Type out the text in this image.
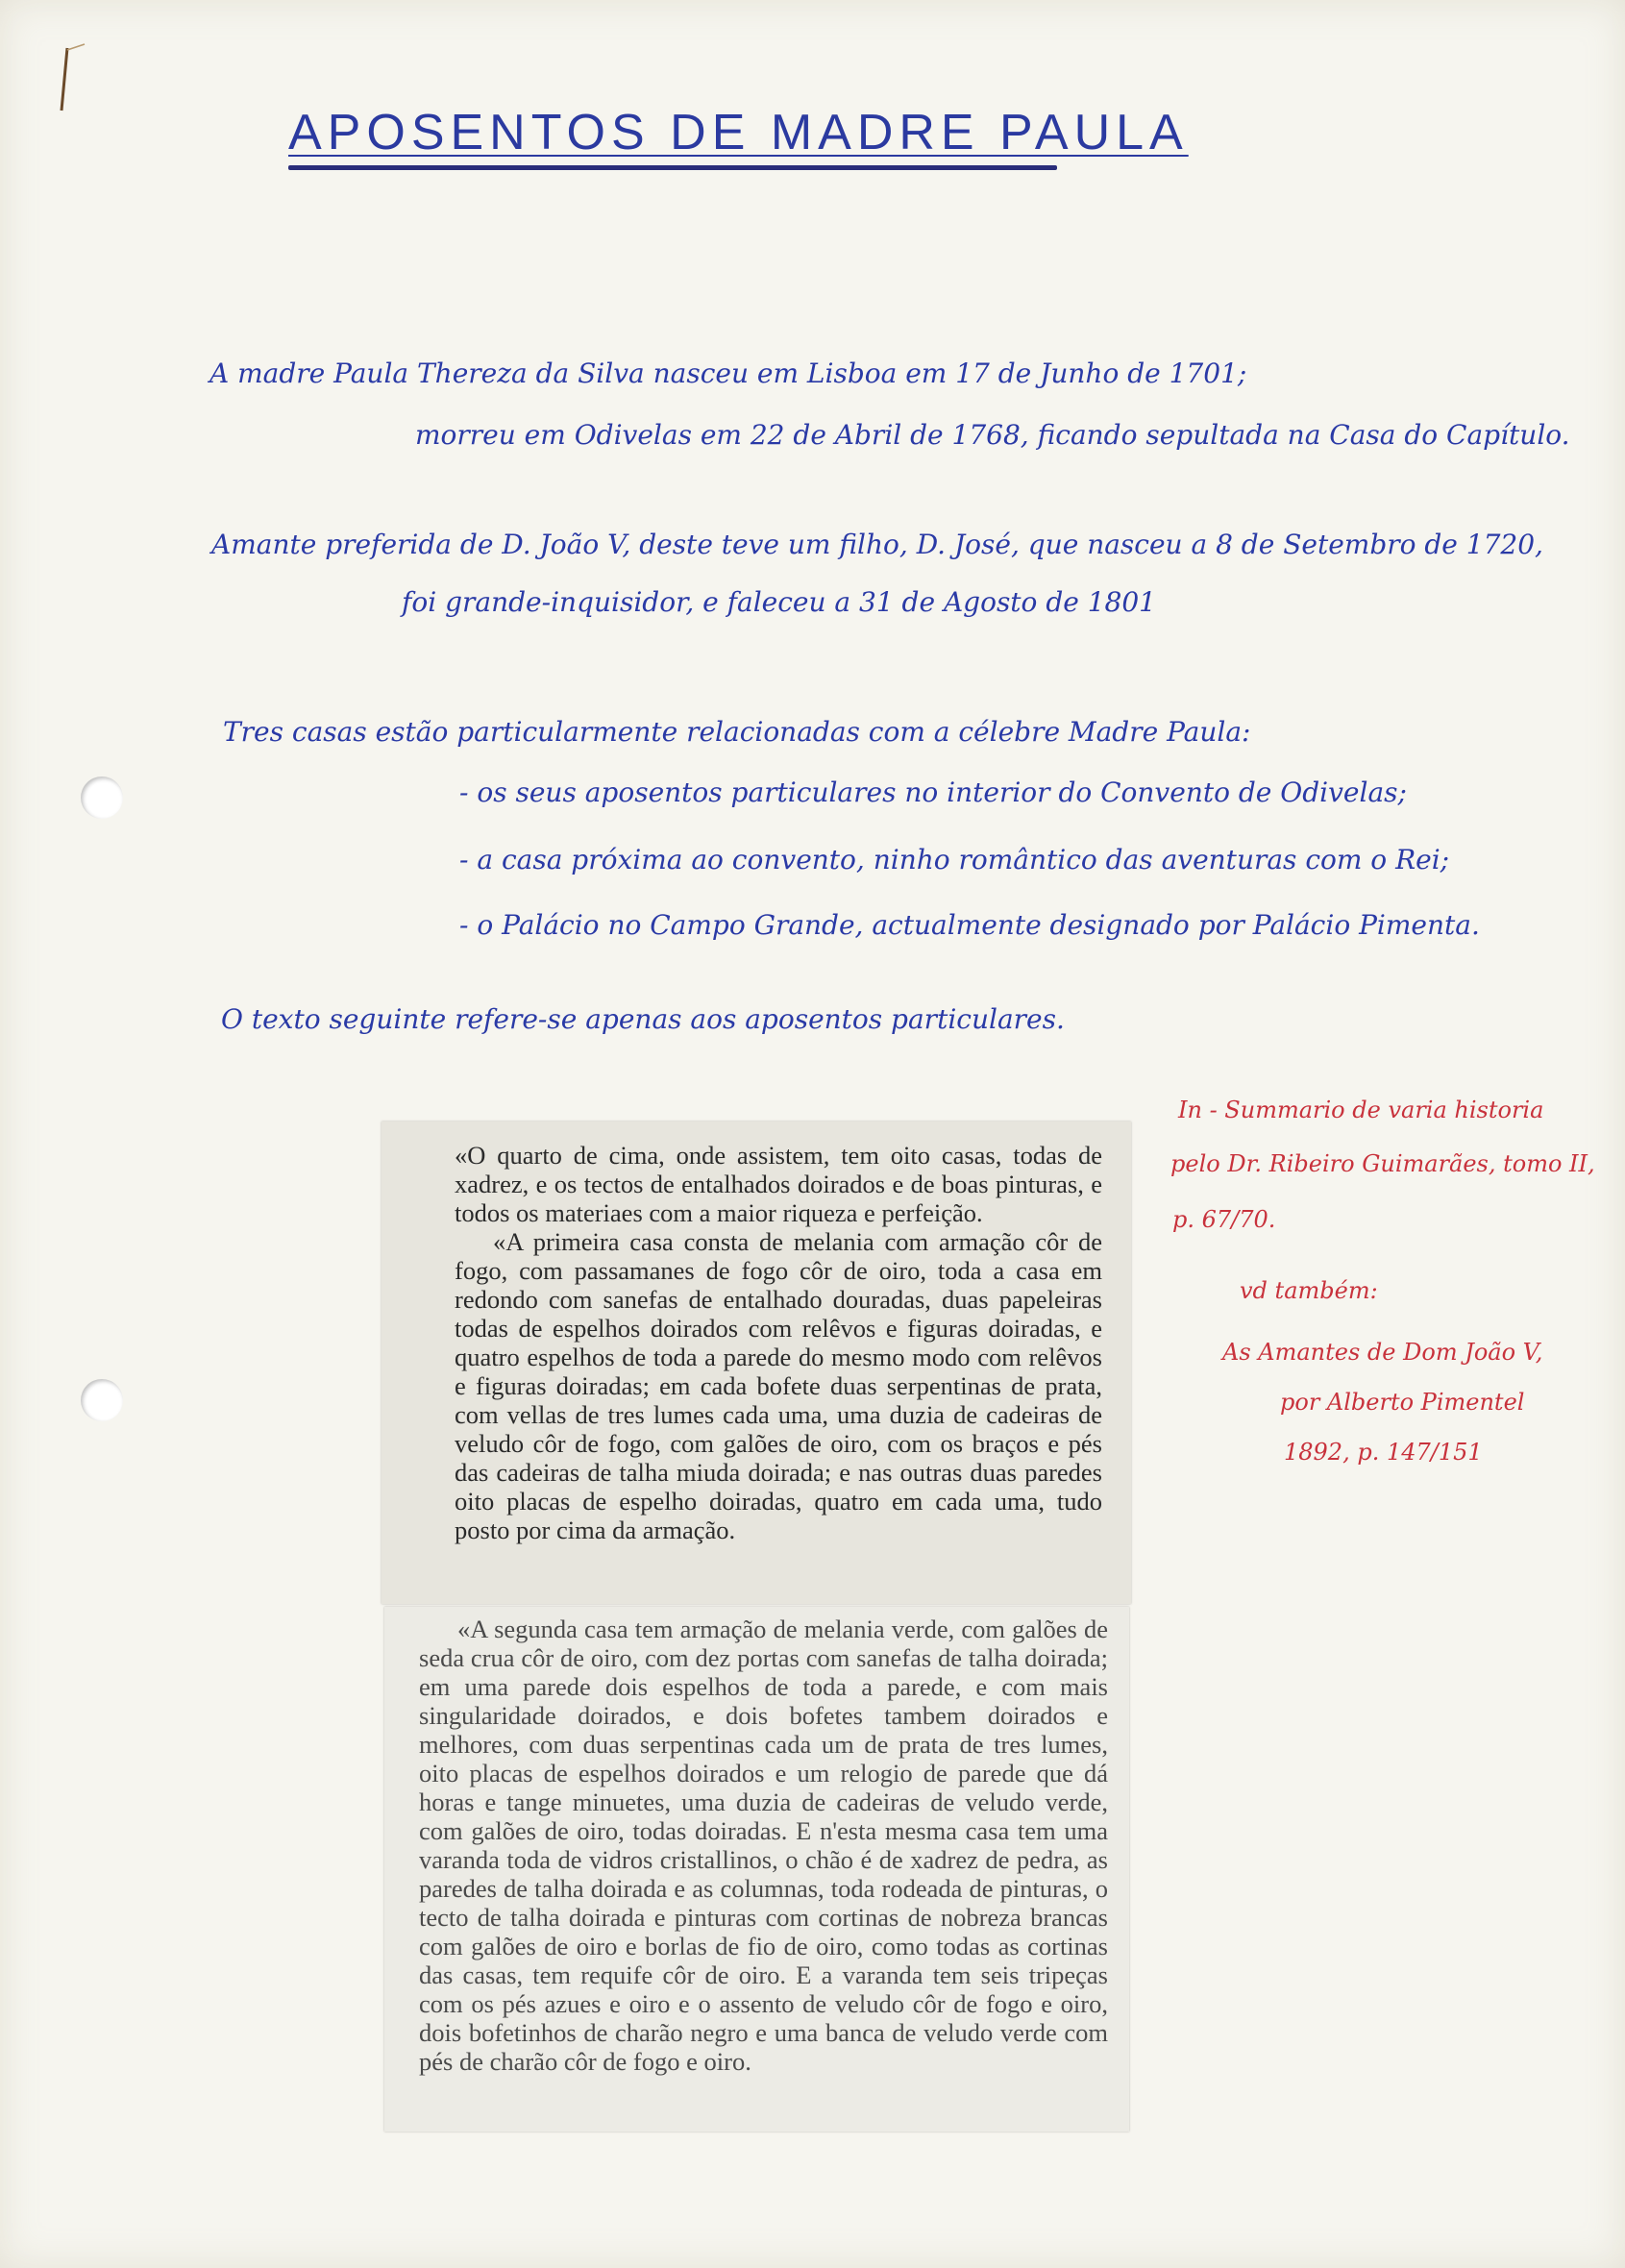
APOSENTOS DE MADRE PAULA
A madre Paula Thereza da Silva nasceu em Lisboa em 17 de Junho de 1701;
morreu em Odivelas em 22 de Abril de 1768, ficando sepultada na Casa do Capítulo.
Amante preferida de D. João V, deste teve um filho, D. José, que nasceu a 8 de Setembro de 1720,
foi grande-inquisidor, e faleceu a 31 de Agosto de 1801
Tres casas estão particularmente relacionadas com a célebre Madre Paula:
- os seus aposentos particulares no interior do Convento de Odivelas;
- a casa próxima ao convento, ninho romântico das aventuras com o Rei;
- o Palácio no Campo Grande, actualmente designado por Palácio Pimenta.
O texto seguinte refere-se apenas aos aposentos particulares.
In - Summario de varia historia
pelo Dr. Ribeiro Guimarães, tomo II,
p. 67/70.
vd também:
As Amantes de Dom João V,
por Alberto Pimentel
1892, p. 147/151

«O quarto de cima, onde assistem, tem oito casas, todas de xadrez, e os tectos de entalhados doirados e de boas pinturas, e todos os materiaes com a maior riqueza e perfeição.

«A primeira casa consta de melania com armação côr de fogo, com passamanes de fogo côr de oiro, toda a casa em redondo com sanefas de entalhado douradas, duas papeleiras todas de espelhos doirados com relêvos e figuras doiradas, e quatro espelhos de toda a parede do mesmo modo com relêvos e figuras doiradas; em cada bofete duas serpentinas de prata, com vellas de tres lumes cada uma, uma duzia de cadeiras de veludo côr de fogo, com galões de oiro, com os braços e pés das cadeiras de talha miuda doirada; e nas outras duas paredes oito placas de espelho doiradas, quatro em cada uma, tudo posto por cima da armação.

«A segunda casa tem armação de melania verde, com galões de seda crua côr de oiro, com dez portas com sanefas de talha doirada; em uma parede dois espelhos de toda a parede, e com mais singularidade doirados, e dois bofetes tambem doirados e melhores, com duas serpentinas cada um de prata de tres lumes, oito placas de espelhos doirados e um relogio de parede que dá horas e tange minuetes, uma duzia de cadeiras de veludo verde, com galões de oiro, todas doiradas. E n'esta mesma casa tem uma varanda toda de vidros cristallinos, o chão é de xadrez de pedra, as paredes de talha doirada e as columnas, toda rodeada de pinturas, o tecto de talha doirada e pinturas com cortinas de nobreza brancas com galões de oiro e borlas de fio de oiro, como todas as cortinas das casas, tem requife côr de oiro. E a varanda tem seis tripeças com os pés azues e oiro e o assento de veludo côr de fogo e oiro, dois bofetinhos de charão negro e uma banca de veludo verde com pés de charão côr de fogo e oiro.
